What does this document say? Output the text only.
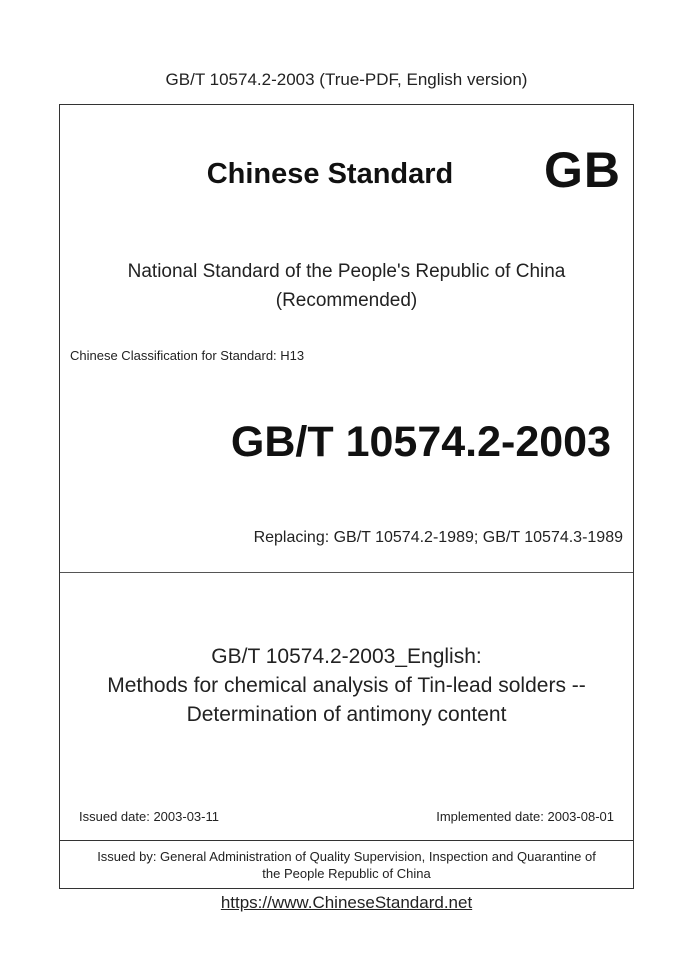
GB/T 10574.2-2003 (True-PDF, English version)
Chinese Standard	GB
National Standard of the People's Republic of China
(Recommended)
Chinese Classification for Standard: H13
GB/T 10574.2-2003
Replacing: GB/T 10574.2-1989; GB/T 10574.3-1989
GB/T 10574.2-2003_English:
Methods for chemical analysis of Tin-lead solders --
Determination of antimony content
Issued date: 2003-03-11	Implemented date: 2003-08-01
Issued by: General Administration of Quality Supervision, Inspection and Quarantine of
the People Republic of China
https://www.ChineseStandard.net
